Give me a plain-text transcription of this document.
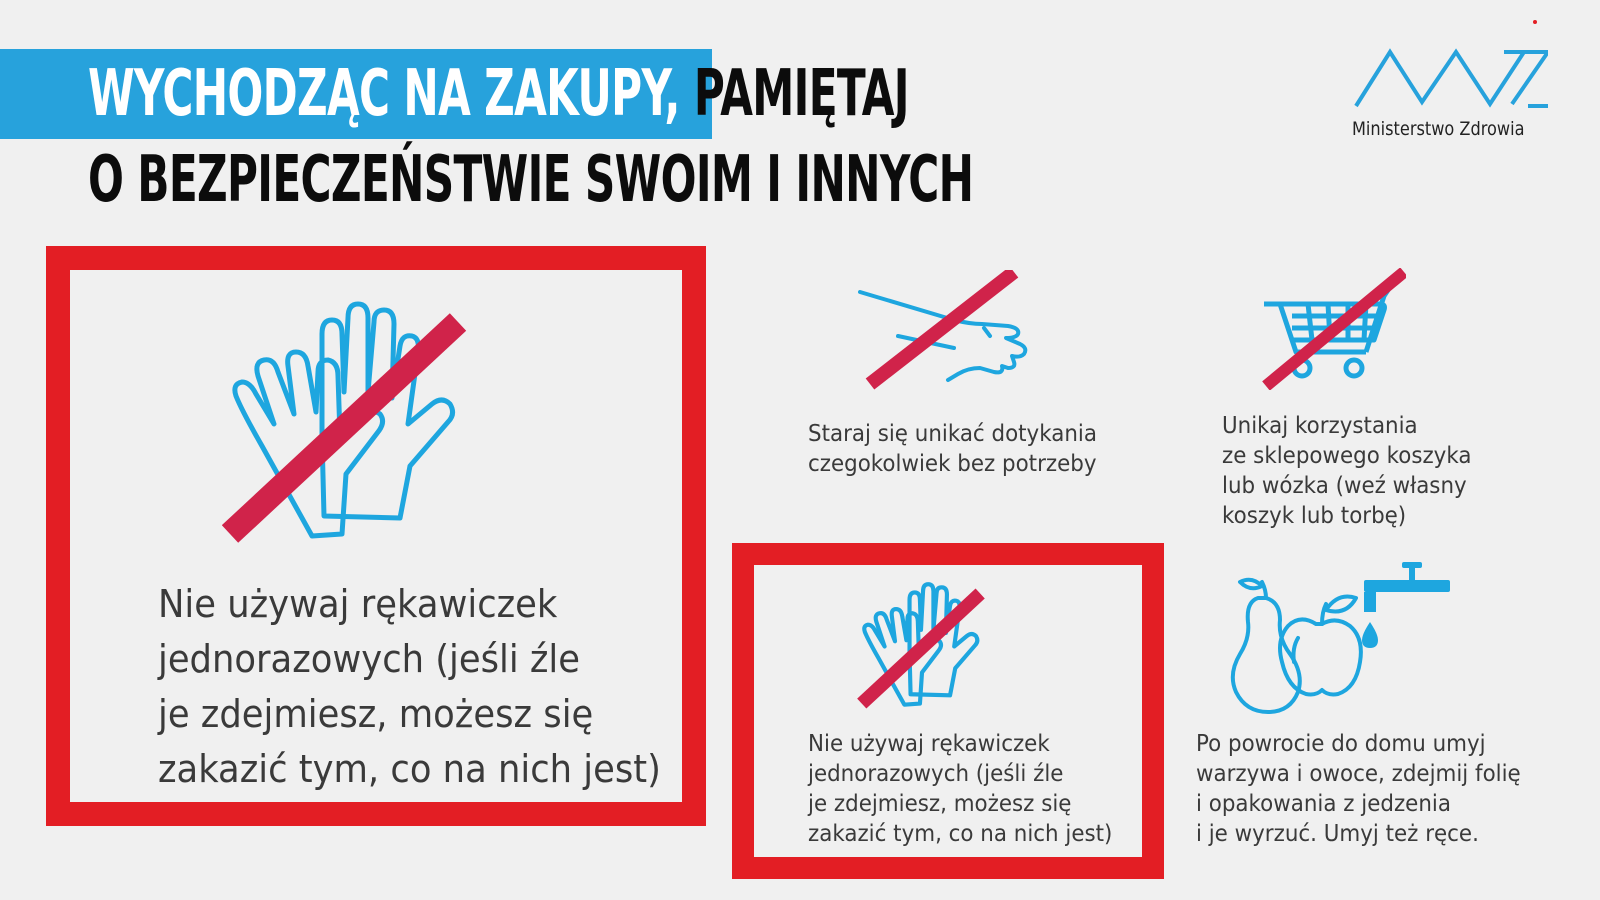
WYCHODZĄC NA ZAKUPY, PAMIĘTAJ
O BEZPIECZEŃSTWIE SWOIM I INNYCH
Ministerstwo Zdrowia
Nie używaj rękawiczek
jednorazowych (jeśli źle
je zdejmiesz, możesz się
zakazić tym, co na nich jest)
Staraj się unikać dotykania
czegokolwiek bez potrzeby
Unikaj korzystania
ze sklepowego koszyka
lub wózka (weź własny
koszyk lub torbę)
Nie używaj rękawiczek
jednorazowych (jeśli źle
je zdejmiesz, możesz się
zakazić tym, co na nich jest)
Po powrocie do domu umyj
warzywa i owoce, zdejmij folię
i opakowania z jedzenia
i je wyrzuć. Umyj też ręce.
